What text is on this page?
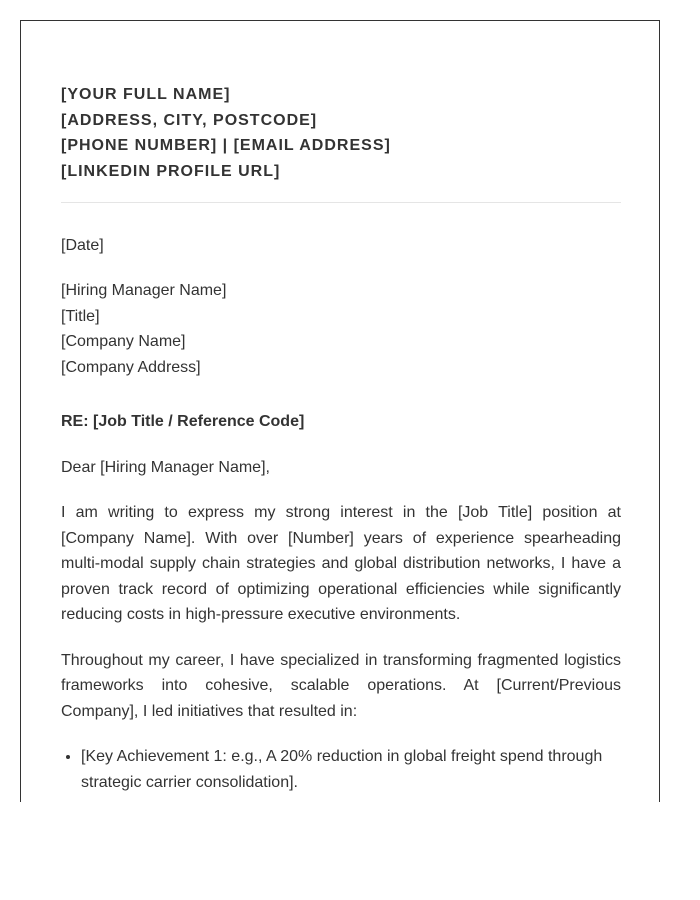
[YOUR FULL NAME]
[ADDRESS, CITY, POSTCODE]
[PHONE NUMBER] | [EMAIL ADDRESS]
[LINKEDIN PROFILE URL]
[Date]
[Hiring Manager Name]
[Title]
[Company Name]
[Company Address]
RE: [Job Title / Reference Code]
Dear [Hiring Manager Name],
I am writing to express my strong interest in the [Job Title] position at [Company Name]. With over [Number] years of experience spearheading multi-modal supply chain strategies and global distribution networks, I have a proven track record of optimizing operational efficiencies while significantly reducing costs in high-pressure executive environments.
Throughout my career, I have specialized in transforming fragmented logistics frameworks into cohesive, scalable operations. At [Current/Previous Company], I led initiatives that resulted in:
• [Key Achievement 1: e.g., A 20% reduction in global freight spend through strategic carrier consolidation].
